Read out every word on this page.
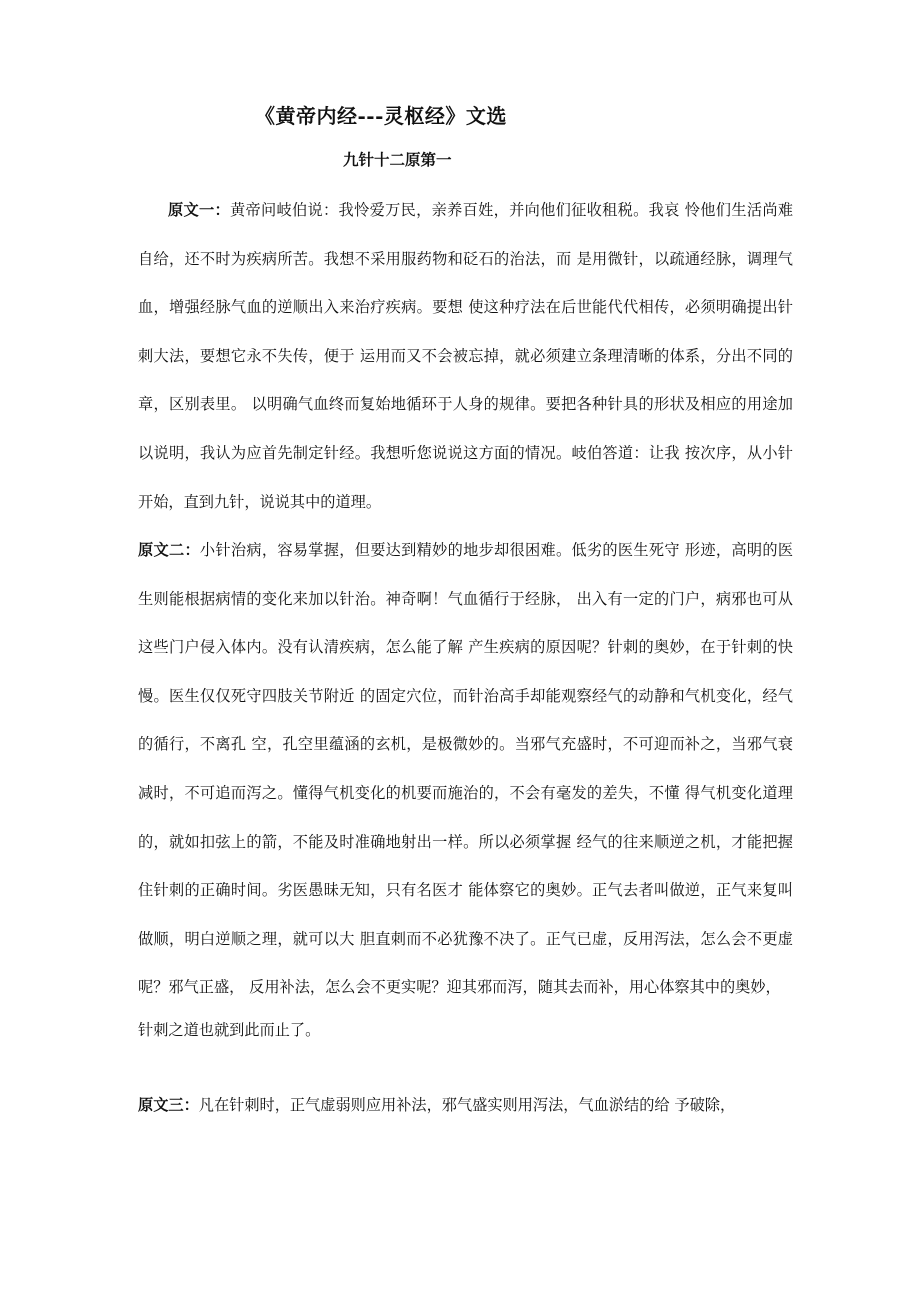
《黄帝内经---灵枢经》文选
九针十二原第一
原文一：黄帝问岐伯说：我怜爱万民，亲养百姓，并向他们征收租税。我哀 怜他们生活尚难自给，还不时为疾病所苦。我想不采用服药物和砭石的治法，而 是用微针，以疏通经脉，调理气血，增强经脉气血的逆顺出入来治疗疾病。要想 使这种疗法在后世能代代相传，必须明确提出针刺大法，要想它永不失传，便于 运用而又不会被忘掉，就必须建立条理清晰的体系，分出不同的章，区别表里。 以明确气血终而复始地循环于人身的规律。要把各种针具的形状及相应的用途加 以说明，我认为应首先制定针经。我想听您说说这方面的情况。岐伯答道：让我 按次序，从小针开始，直到九针，说说其中的道理。
原文二：小针治病，容易掌握，但要达到精妙的地步却很困难。低劣的医生死守 形迹，高明的医生则能根据病情的变化来加以针治。神奇啊！气血循行于经脉， 出入有一定的门户，病邪也可从这些门户侵入体内。没有认清疾病，怎么能了解 产生疾病的原因呢？针刺的奥妙，在于针刺的快慢。医生仅仅死守四肢关节附近 的固定穴位，而针治高手却能观察经气的动静和气机变化，经气的循行，不离孔 空，孔空里蕴涵的玄机，是极微妙的。当邪气充盛时，不可迎而补之，当邪气衰 减时，不可追而泻之。懂得气机变化的机要而施治的，不会有毫发的差失，不懂 得气机变化道理的，就如扣弦上的箭，不能及时准确地射出一样。所以必须掌握 经气的往来顺逆之机，才能把握住针刺的正确时间。劣医愚昧无知，只有名医才 能体察它的奥妙。正气去者叫做逆，正气来复叫做顺，明白逆顺之理，就可以大 胆直刺而不必犹豫不决了。正气已虚，反用泻法，怎么会不更虚呢？邪气正盛， 反用补法，怎么会不更实呢？迎其邪而泻，随其去而补，用心体察其中的奥妙，
针刺之道也就到此而止了。
原文三：凡在针刺时，正气虚弱则应用补法，邪气盛实则用泻法，气血淤结的给 予破除，
